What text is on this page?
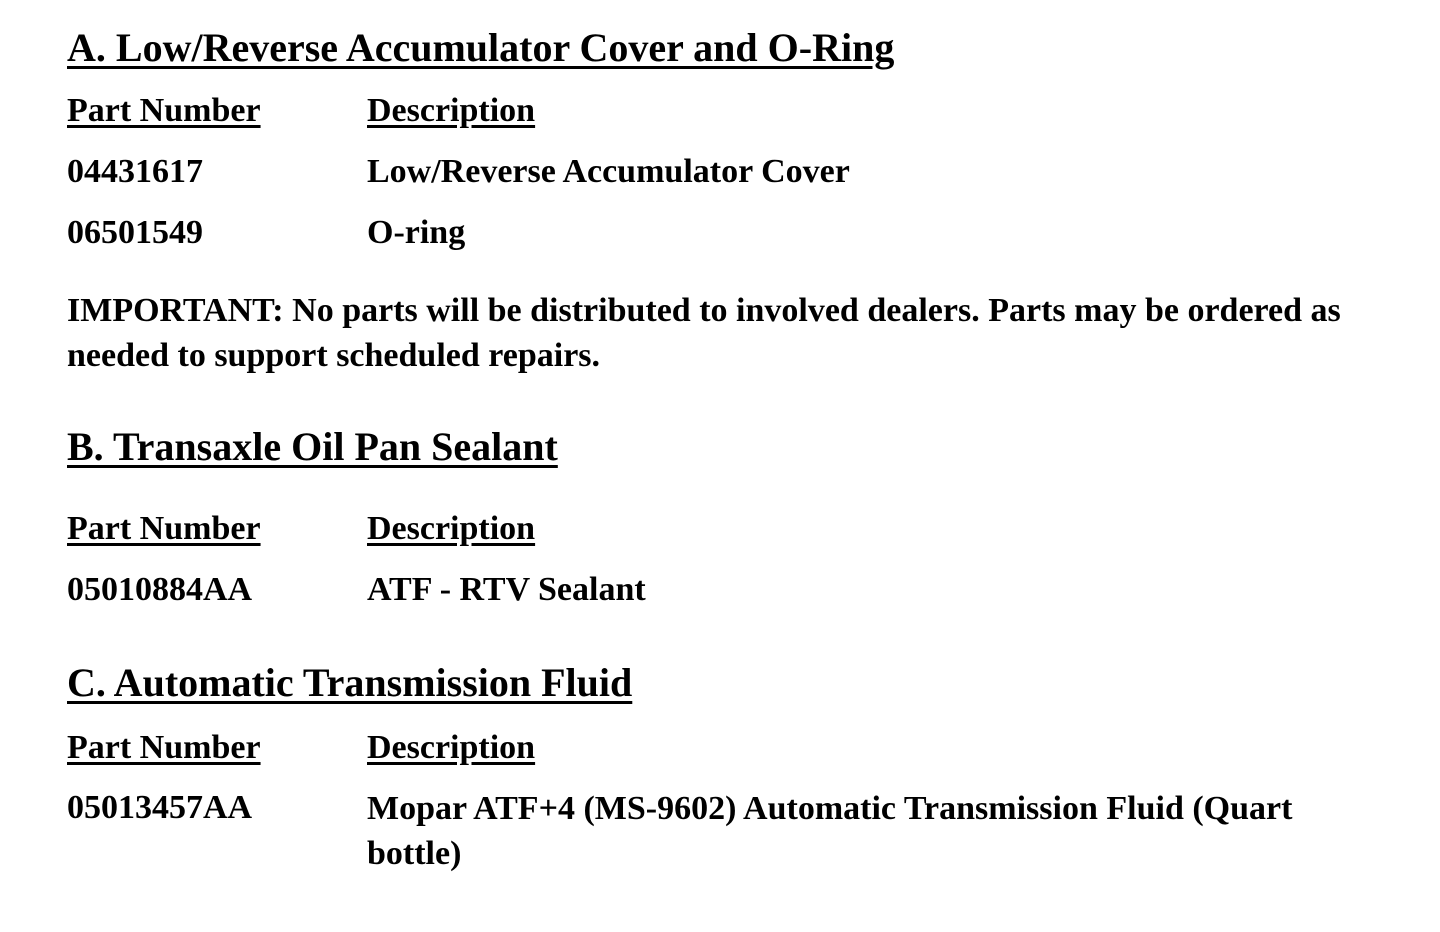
A. Low/Reverse Accumulator Cover and O-Ring
Part Number	Description
04431617	Low/Reverse Accumulator Cover
06501549	O-ring

IMPORTANT: No parts will be distributed to involved dealers. Parts may be ordered as needed to support scheduled repairs.

B. Transaxle Oil Pan Sealant
Part Number	Description
05010884AA	ATF - RTV Sealant
C. Automatic Transmission Fluid
Part Number	Description
05013457AA	Mopar ATF+4 (MS-9602) Automatic Transmission Fluid (Quart bottle)
